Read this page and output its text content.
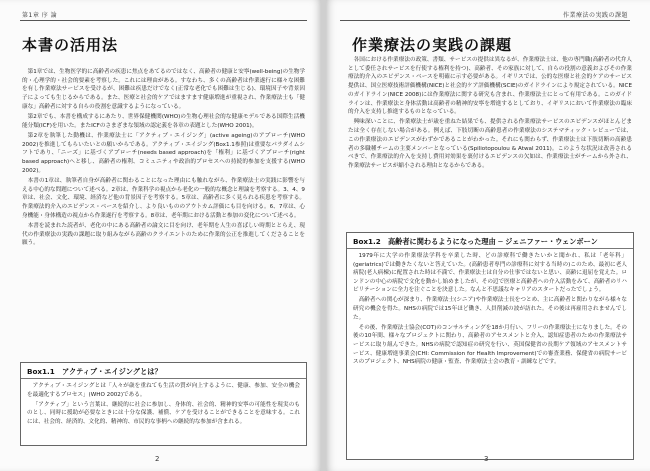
第1章 序 論
本書の活用法

第1章では、生物医学的に高齢者の疾患に焦点をあてるのではなく、高齢者の健康と安寧(well-being)の生物学的・心理学的・社会的要素を考察した。これには理由がある。すなわち、多くの高齢者は作業遂行に様々な困難を有し作業療法サービスを受けるが、困難は疾患だけでなく(正常な老化でも困難は生じる)、環境因子や背景因子によっても生じるからである。また、医療と社会的ケアではますます健康増進が重視され、作業療法士も「健康な」高齢者に対する自らの役割を意識するようになっている。

第2章でも、本書を構成するにあたり、世界保健機関(WHO)の生物心理社会的な健康モデルである国際生活機能分類(ICF)を用いた。またICFのさまざまな領域の認定義を各章の表題とした(WHO 2001)。

第2章を執筆した動機は、作業療法士に「アクティブ・エイジング」(active ageing)のアプローチ(WHO 2002)を推進してもらいたいとの願いからである。アクティブ・エイジング(Box1.1参照)は重要なパラダイムシフトであり、「ニーズ」に基づくアプローチ(needs based approach)を「権利」に基づくアプローチ(right based approach)へと移し、高齢者の権利、コミュニティや政治的プロセスへの持続的参加を支援する(WHO 2002)。

本書の1章は、執筆者自身が高齢者に関わることになった理由にも触れながら、作業療法士の実践に影響を与える中心的な問題について述べる。2章は、作業科学の視点から老化の一般的な概念と理論を考察する。3、4、9章は、社会、文化、環境、経済など他の背景因子を考察する。5章は、高齢者に多く見られる疾患を考察する。作業療法的介入のエビデンス・ベースを紹介し、より良いもののアウトカム評価にも目を向ける。6、7章は、心身機能・身体構造の視点から作業遂行を考察する。8章は、老年期における活動と参加の変化について述べる。

本書を読まれた読者が、老化の中にある高齢者の論文に目を向け、老年期を人生の喜ばしい時期ととらえ、現代の作業療法の実践の課題に取り組みながら高齢のクライエントのために作業的公正を推進してくださることを願う。

Box1.1　アクティブ・エイジングとは？

アクティブ・エイジングとは「人々が歳を重ねても生活の質が向上するように、健康、参加、安全の機会を最適化するプロセス」(WHO 2002)である。

「アクティブ」という言葉は、継続的に社会に参加し、身体的、社会的、精神的安寧の可能性を現実のものとし、同時に援助が必要なときには十分な保護、補償、ケアを受けることができることを意味する。これには、社会的、経済的、文化的、精神的、市民的な事柄への継続的な参加が含まれる。

2
作業療法の実践の課題
作業療法の実践の課題

各国における作業療法の政策、書類、サービスの提供は異なるが、作業療法士は、他の専門職(高齢者の代弁人として委任されサービスを行使する権利を持つ)、高齢者、その家族に対して、自らの役割の意義およびその作業療法的介入のエビデンス・ベースを明確に示す必要がある。イギリスでは、公的な医療と社会的ケアのサービス提供は、国立医療技術評価機構(NICE)と社会的ケア評価機構(SCIE)のガイドラインにより規定されている。NICEのガイドライン(NICE 2008)には作業療法に関する研究も含まれ、作業療法士にとって有用である。このガイドラインは、作業療法と身体活動は高齢者の精神的安寧を増進するとしており、イギリスにおいて作業療法の臨床的介入を支持し推進するものとなっている。

興味深いことに、作業療法士が歳を重ねた結果でも、提供される作業療法サービスのエビデンスがほとんどまたは全く存在しない場合がある。例えば、下肢切断の高齢患者の作業療法のシステマティック・レビューでは、この作業療法のエビデンスがわずかであることがわかった。それにも関わらず、作業療法士は下肢切断の高齢患者の多職種チームの主要メンバーとなっている(Spiliotopoulou & Atwal 2011)。このような状況は改善されるべきで、作業療法的介入を支持し費用対効果を裏付けるエビデンスの欠如は、作業療法士がチームから外され、作業療法サービスが縮小される理由となるからである。

Box1.2　高齢者に関わるようになった理由 ─ ジェニファー・ウェンボーン

1979年に大学の作業療法学科を卒業した時、どの診療科で働きたいかと聞かれ、私は「老年科」(geriatrics)では働きたくないと答えていた。(高齢患者専門の診療科に対する当時の)このため、最初に老人病院(老人病棟)に配置された時は不満で、作業療法士は自分の仕事ではないと思い、高齢に退屈を覚えた。ロンドンの中心の病院で文化を動かし始めましたが、その辺で医療と高齢者への介入活動をみて、高齢者のリハビリテーションに全力を注ぐことを決意した。なんと不思議なキャリアのスタートだったでしょう。

高齢者への関心が深まり、作業療法士(シニア)や作業療法士長をつとめ、主に高齢者と関わりながら様々な研究の機会を得た。NHSの病院では15年ほど働き、人員削減の波が訪れた。その後は再雇用されませんでした。

その後、作業療法士協会(COT)のコンサルティングを18か月行い、フリーの作業療法士になりました。その後の10年間、様々なプロジェクトに関わり、高齢者のアセスメントと介入、認知症患者のための作業療法サービスに取り組んできた。NHSの病院で認知症の研究を行い、英国保健省の長期ケア領域のアセスメントサービス、健康増進事業会(CHI: Commission for Health Improvement)での審査業務、保健省の病院サービスのプロジェクト、NHS病院の健康・監査、作業療法士会の教育・訓練などです。

3
